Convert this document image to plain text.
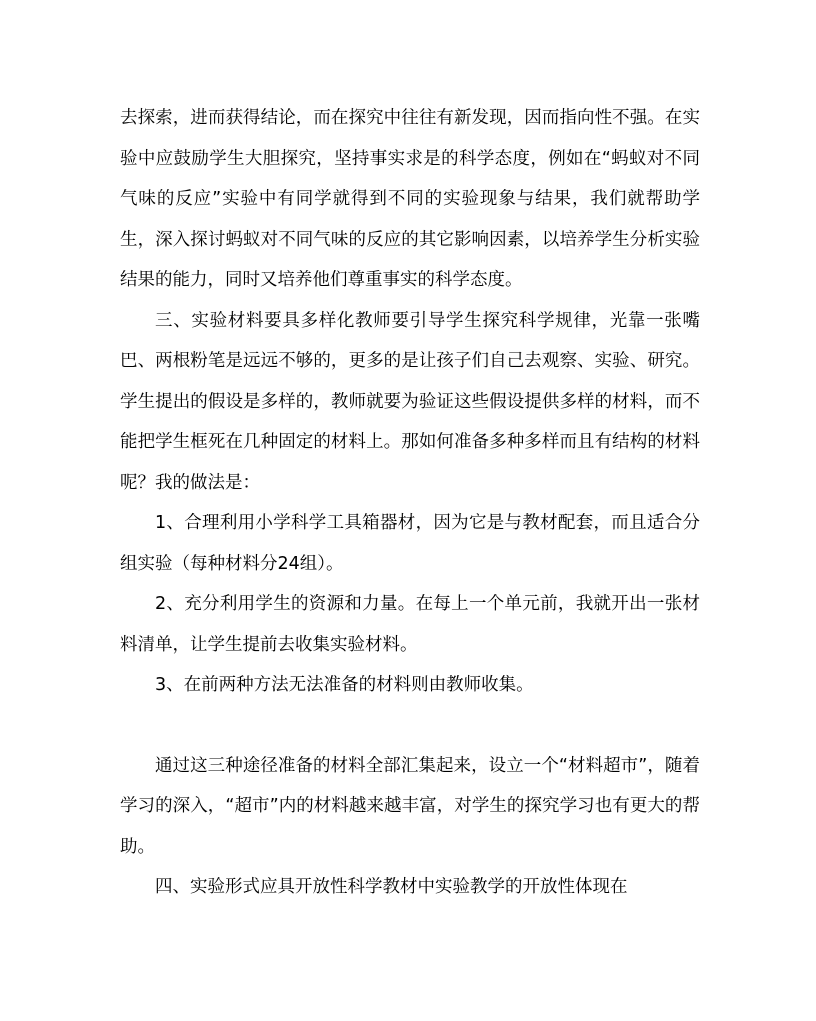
去探索，进而获得结论，而在探究中往往有新发现，因而指向性不强。在实验中应鼓励学生大胆探究，坚持事实求是的科学态度，例如在“蚂蚁对不同气味的反应”实验中有同学就得到不同的实验现象与结果，我们就帮助学生，深入探讨蚂蚁对不同气味的反应的其它影响因素，以培养学生分析实验结果的能力，同时又培养他们尊重事实的科学态度。

三、实验材料要具多样化教师要引导学生探究科学规律，光靠一张嘴巴、两根粉笔是远远不够的，更多的是让孩子们自己去观察、实验、研究。学生提出的假设是多样的，教师就要为验证这些假设提供多样的材料，而不能把学生框死在几种固定的材料上。那如何准备多种多样而且有结构的材料呢？我的做法是：

1、合理利用小学科学工具箱器材，因为它是与教材配套，而且适合分组实验（每种材料分24组）。

2、充分利用学生的资源和力量。在每上一个单元前，我就开出一张材料清单，让学生提前去收集实验材料。

3、在前两种方法无法准备的材料则由教师收集。

通过这三种途径准备的材料全部汇集起来，设立一个“材料超市”，随着学习的深入，“超市”内的材料越来越丰富，对学生的探究学习也有更大的帮助。

四、实验形式应具开放性科学教材中实验教学的开放性体现在
